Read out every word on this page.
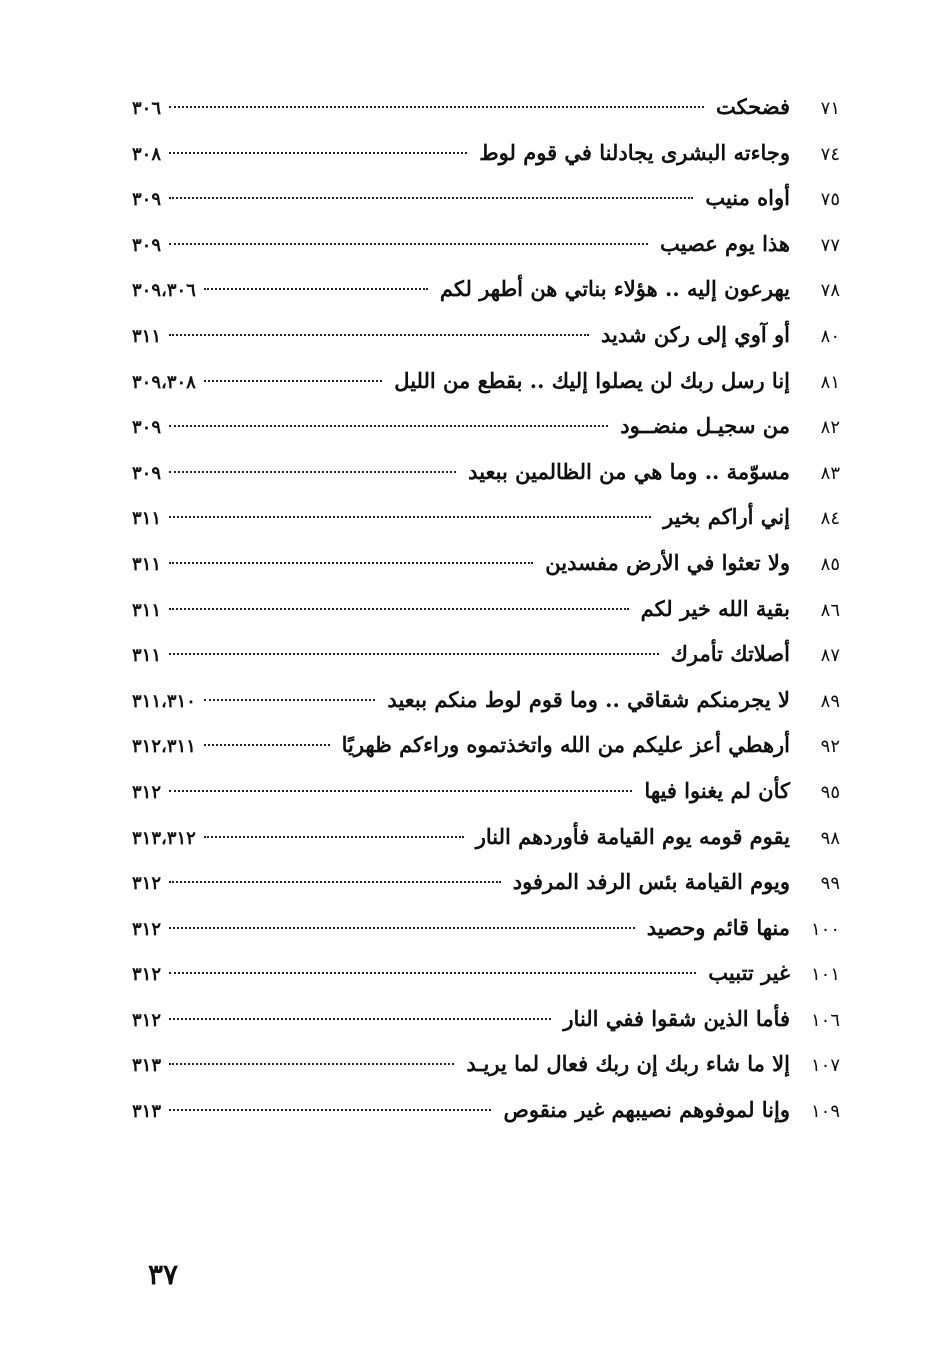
٧١
فضحكت
٣٠٦
٧٤
وجاءته البشرى يجادلنا في قوم لوط
٣٠٨
٧٥
أواه منيب
٣٠٩
٧٧
هذا يوم عصيب
٣٠٩
٧٨
يهرعون إليه .. هؤلاء بناتي هن أطهر لكم
٣٠٩،٣٠٦
٨٠
أو آوي إلى ركن شديد
٣١١
٨١
إنا رسل ربك لن يصلوا إليك .. بقطع من الليل
٣٠٩،٣٠٨
٨٢
من سجيـل منضــود
٣٠٩
٨٣
مسوّمة .. وما هي من الظالمين ببعيد
٣٠٩
٨٤
إني أراكم بخير
٣١١
٨٥
ولا تعثوا في الأرض مفسدين
٣١١
٨٦
بقية الله خير لكم
٣١١
٨٧
أصلاتك تأمرك
٣١١
٨٩
لا يجرمنكم شقاقي .. وما قوم لوط منكم ببعيد
٣١١،٣١٠
٩٢
أرهطي أعز عليكم من الله واتخذتموه وراءكم ظهريًا
٣١٢،٣١١
٩٥
كأن لم يغنوا فيها
٣١٢
٩٨
يقوم قومه يوم القيامة فأوردهم النار
٣١٣،٣١٢
٩٩
ويوم القيامة بئس الرفد المرفود
٣١٢
١٠٠
منها قائم وحصيد
٣١٢
١٠١
غير تتبيب
٣١٢
١٠٦
فأما الذين شقوا ففي النار
٣١٢
١٠٧
إلا ما شاء ربك إن ربك فعال لما يريـد
٣١٣
١٠٩
وإنا لموفوهم نصيبهم غير منقوص
٣١٣
٣٧
